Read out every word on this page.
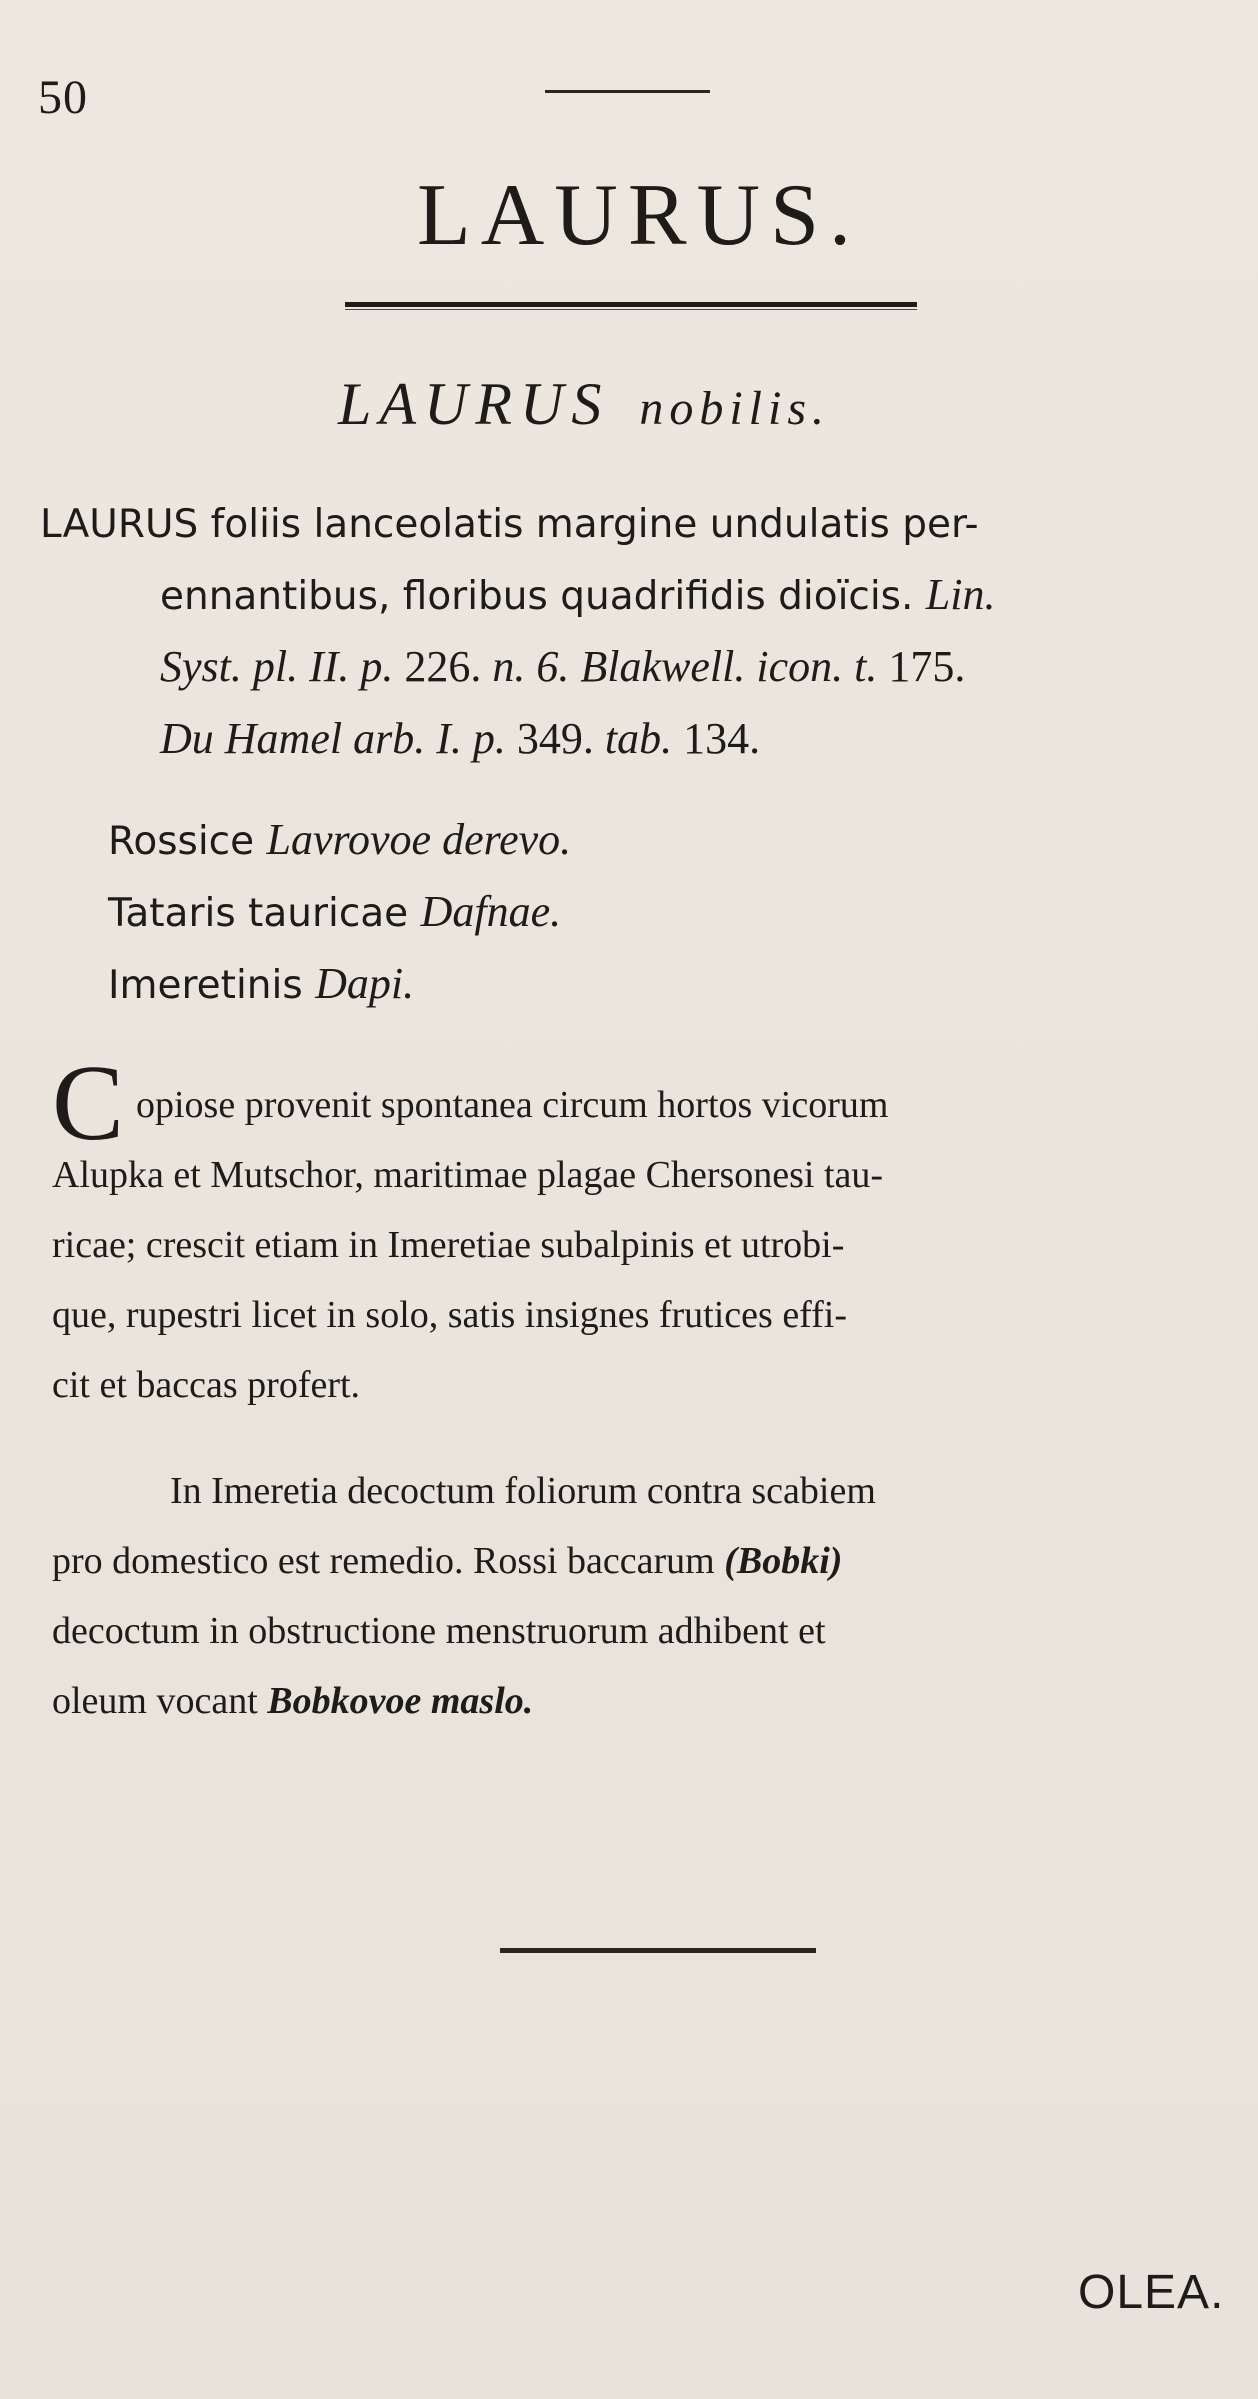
50
LAURUS.
LAURUS nobilis.
LAURUS foliis lanceolatis margine undulatis per-
ennantibus, floribus quadrifidis dioïcis. Lin.
Syst. pl. II. p. 226. n. 6. Blakwell. icon. t. 175.
Du Hamel arb. I. p. 349. tab. 134.
Rossice Lavrovoe derevo.
Tataris tauricae Dafnae.
Imeretinis Dapi.
C opiose provenit spontanea circum hortos vicorum
Alupka et Mutschor, maritimae plagae Chersonesi tau-
ricae; crescit etiam in Imeretiae subalpinis et utrobi-
que, rupestri licet in solo, satis insignes frutices effi-
cit et baccas profert.
In Imeretia decoctum foliorum contra scabiem
pro domestico est remedio. Rossi baccarum (Bobki)
decoctum in obstructione menstruorum adhibent et
oleum vocant Bobkovoe maslo.
OLEA.
